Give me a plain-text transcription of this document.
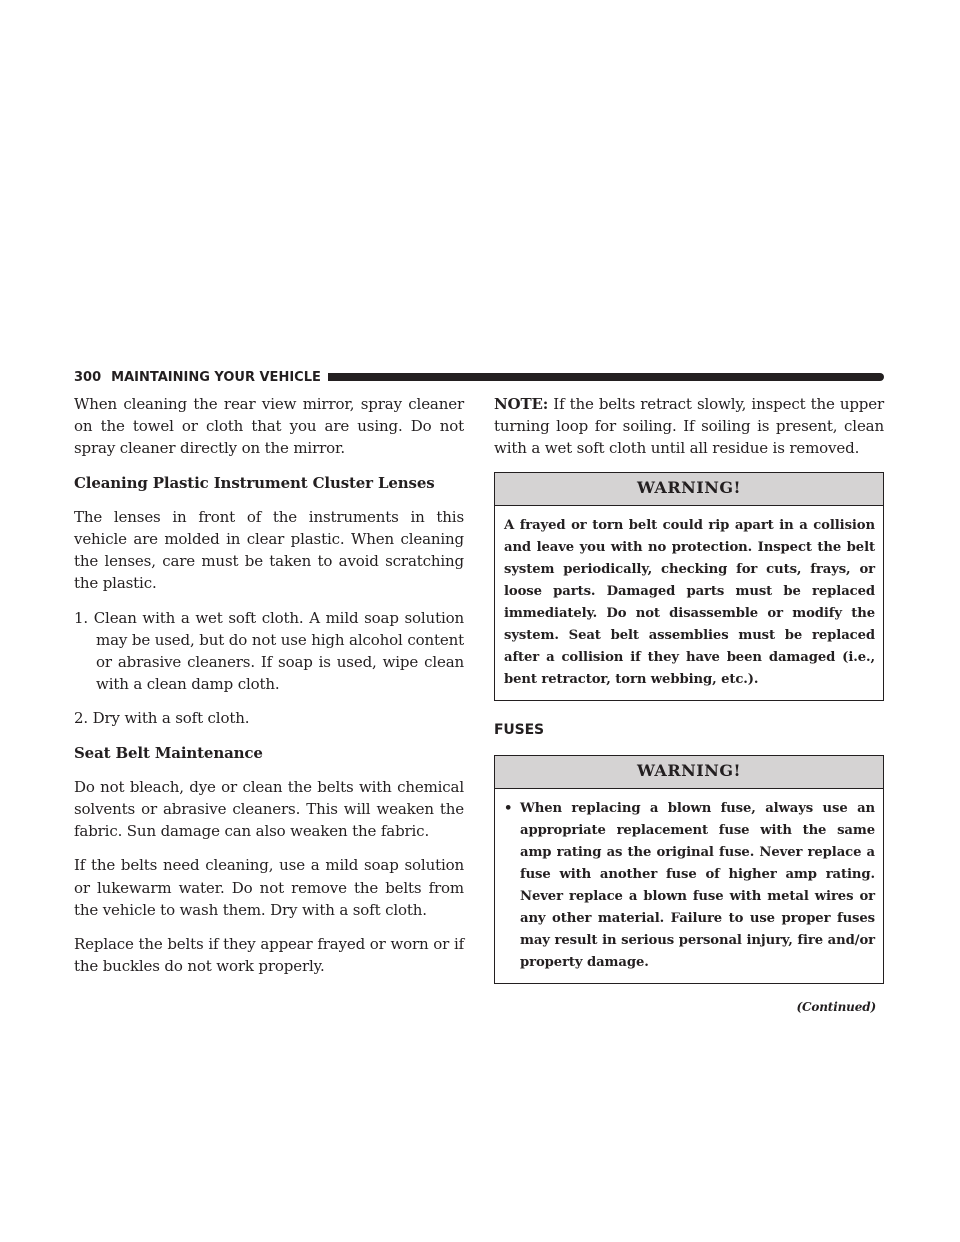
300 MAINTAINING YOUR VEHICLE

When cleaning the rear view mirror, spray cleaner on the towel or cloth that you are using. Do not spray cleaner directly on the mirror.

Cleaning Plastic Instrument Cluster Lenses

The lenses in front of the instruments in this vehicle are molded in clear plastic. When cleaning the lenses, care must be taken to avoid scratching the plastic.

1. Clean with a wet soft cloth. A mild soap solution may be used, but do not use high alcohol content or abrasive cleaners. If soap is used, wipe clean with a clean damp cloth.
2. Dry with a soft cloth.
Seat Belt Maintenance

Do not bleach, dye or clean the belts with chemical solvents or abrasive cleaners. This will weaken the fabric. Sun damage can also weaken the fabric.

If the belts need cleaning, use a mild soap solution or lukewarm water. Do not remove the belts from the vehicle to wash them. Dry with a soft cloth.

Replace the belts if they appear frayed or worn or if the buckles do not work properly.

NOTE: If the belts retract slowly, inspect the upper turning loop for soiling. If soiling is present, clean with a wet soft cloth until all residue is removed.

WARNING!
A frayed or torn belt could rip apart in a collision and leave you with no protection. Inspect the belt system periodically, checking for cuts, frays, or loose parts. Damaged parts must be replaced immediately. Do not disassemble or modify the system. Seat belt assemblies must be replaced after a collision if they have been damaged (i.e., bent retractor, torn webbing, etc.).
FUSES
WARNING!
• When replacing a blown fuse, always use an appropriate replacement fuse with the same amp rating as the original fuse. Never replace a fuse with another fuse of higher amp rating. Never replace a blown fuse with metal wires or any other material. Failure to use proper fuses may result in serious personal injury, fire and/or property damage.
(Continued)
